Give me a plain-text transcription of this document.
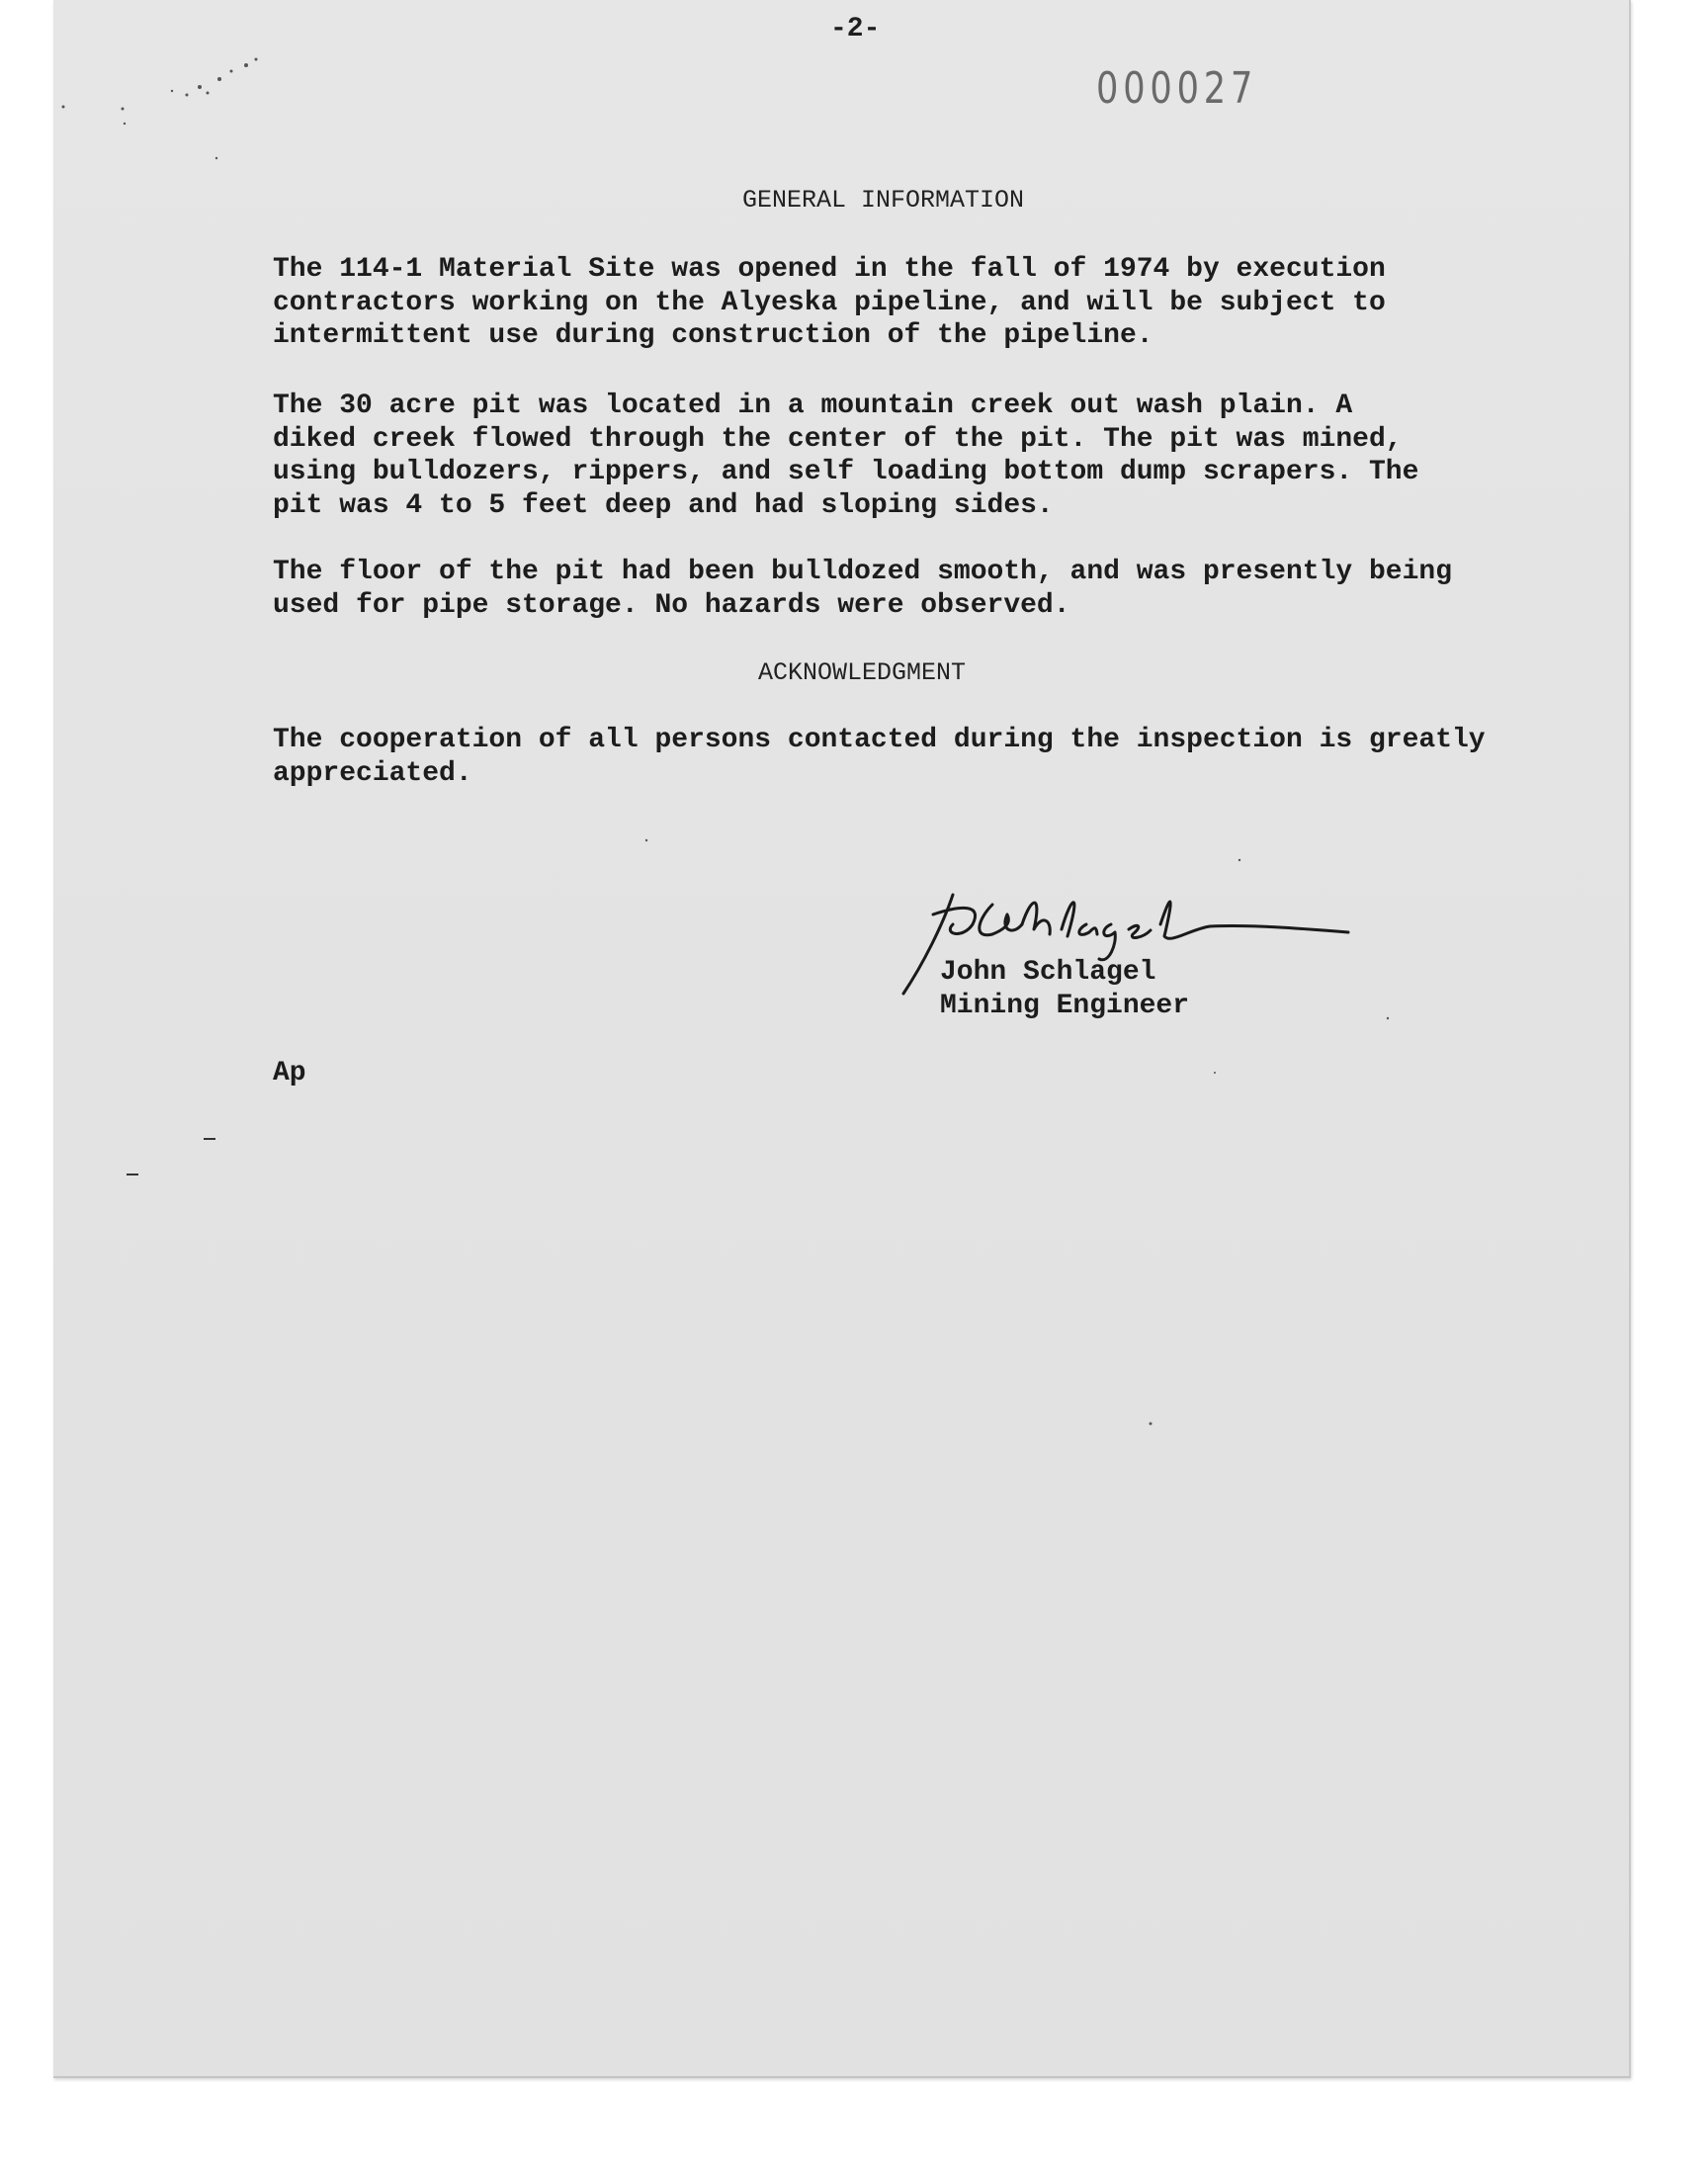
-2-
000027
GENERAL INFORMATION
The 114-1 Material Site was opened in the fall of 1974 by execution
contractors working on the Alyeska pipeline, and will be subject to
intermittent use during construction of the pipeline.
The 30 acre pit was located in a mountain creek out wash plain. A
diked creek flowed through the center of the pit. The pit was mined,
using bulldozers, rippers, and self loading bottom dump scrapers. The
pit was 4 to 5 feet deep and had sloping sides.
The floor of the pit had been bulldozed smooth, and was presently being
used for pipe storage. No hazards were observed.
ACKNOWLEDGMENT
The cooperation of all persons contacted during the inspection is greatly
appreciated.
JSchlagel
John Schlagel
Mining Engineer
Ap
